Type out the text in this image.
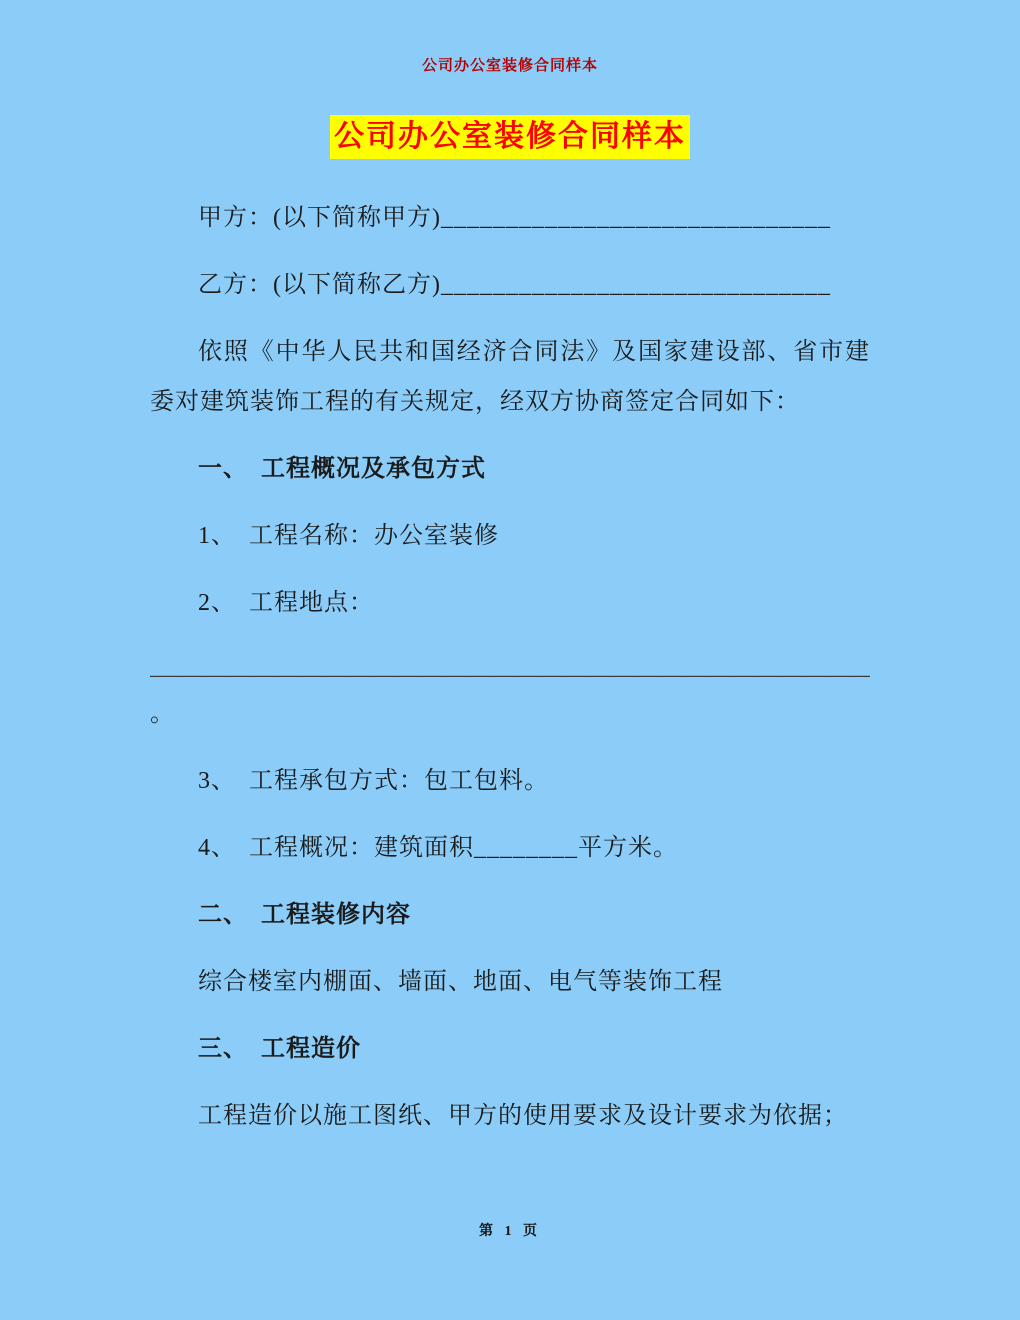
公司办公室装修合同样本
公司办公室装修合同样本

甲方：(以下简称甲方)______________________________

乙方：(以下简称乙方)______________________________

依照《中华人民共和国经济合同法》及国家建设部、省市建委对建筑装饰工程的有关规定，经双方协商签定合同如下：

一、　工程概况及承包方式

1、　工程名称：办公室装修

2、　工程地点：

____________________________________________________________

。

3、　工程承包方式：包工包料。

4、　工程概况：建筑面积________平方米。

二、　工程装修内容

综合楼室内棚面、墙面、地面、电气等装饰工程

三、　工程造价

工程造价以施工图纸、甲方的使用要求及设计要求为依据；

第 1 页
